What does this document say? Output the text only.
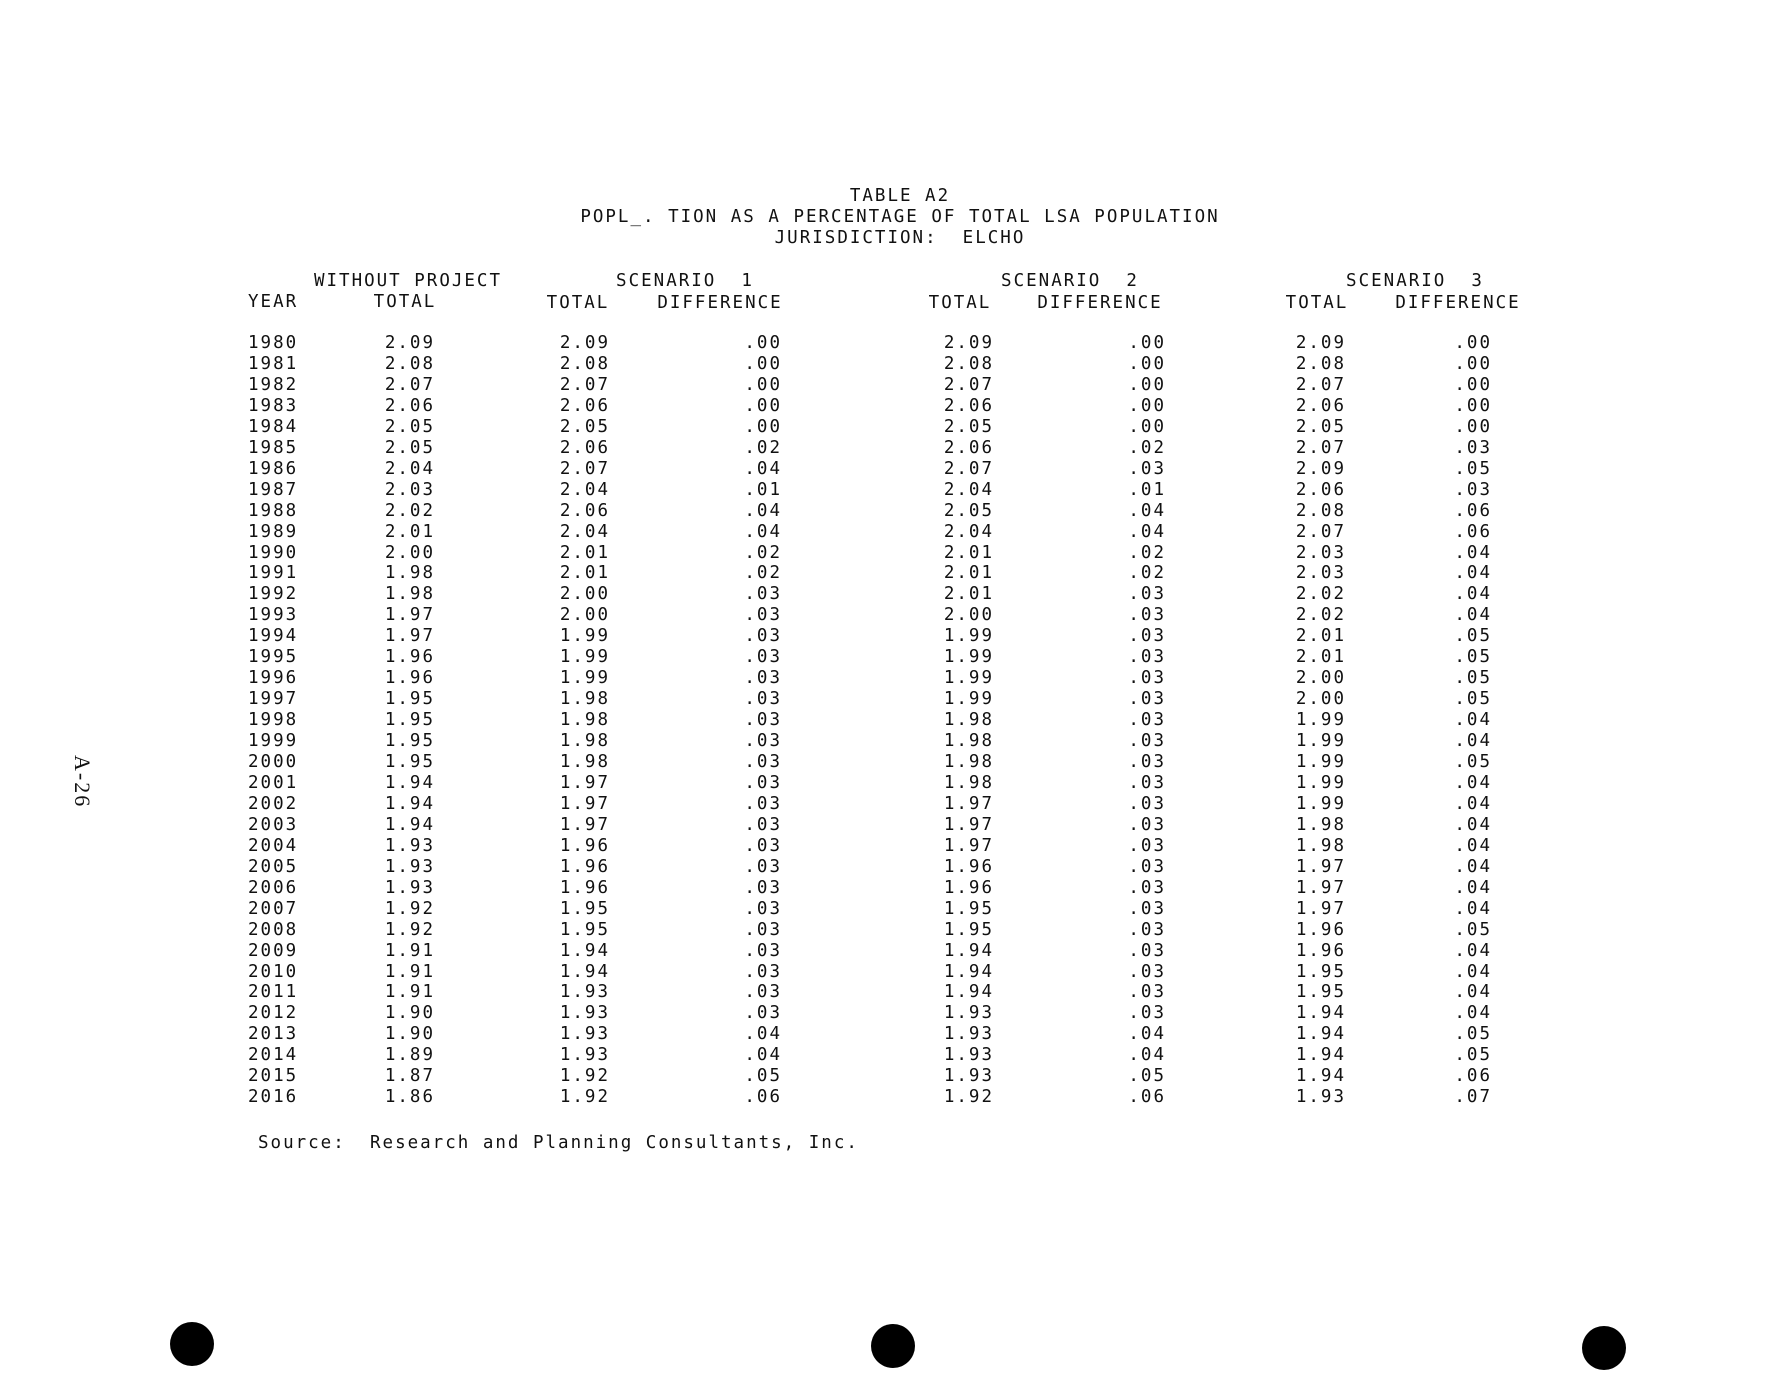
TABLE A2
POPL_. TION AS A PERCENTAGE OF TOTAL LSA POPULATION
JURISDICTION:  ELCHO
WITHOUT PROJECT	SCENARIO  1	SCENARIO  2	SCENARIO  3
YEAR	TOTAL	TOTAL	DIFFERENCE	TOTAL	DIFFERENCE	TOTAL	DIFFERENCE
1980	2.09	2.09	.00	2.09	.00	2.09	.00
1981	2.08	2.08	.00	2.08	.00	2.08	.00
1982	2.07	2.07	.00	2.07	.00	2.07	.00
1983	2.06	2.06	.00	2.06	.00	2.06	.00
1984	2.05	2.05	.00	2.05	.00	2.05	.00
1985	2.05	2.06	.02	2.06	.02	2.07	.03
1986	2.04	2.07	.04	2.07	.03	2.09	.05
1987	2.03	2.04	.01	2.04	.01	2.06	.03
1988	2.02	2.06	.04	2.05	.04	2.08	.06
1989	2.01	2.04	.04	2.04	.04	2.07	.06
1990	2.00	2.01	.02	2.01	.02	2.03	.04
1991	1.98	2.01	.02	2.01	.02	2.03	.04
1992	1.98	2.00	.03	2.01	.03	2.02	.04
1993	1.97	2.00	.03	2.00	.03	2.02	.04
1994	1.97	1.99	.03	1.99	.03	2.01	.05
1995	1.96	1.99	.03	1.99	.03	2.01	.05
1996	1.96	1.99	.03	1.99	.03	2.00	.05
1997	1.95	1.98	.03	1.99	.03	2.00	.05
1998	1.95	1.98	.03	1.98	.03	1.99	.04
1999	1.95	1.98	.03	1.98	.03	1.99	.04
2000	1.95	1.98	.03	1.98	.03	1.99	.05
2001	1.94	1.97	.03	1.98	.03	1.99	.04
2002	1.94	1.97	.03	1.97	.03	1.99	.04
2003	1.94	1.97	.03	1.97	.03	1.98	.04
2004	1.93	1.96	.03	1.97	.03	1.98	.04
2005	1.93	1.96	.03	1.96	.03	1.97	.04
2006	1.93	1.96	.03	1.96	.03	1.97	.04
2007	1.92	1.95	.03	1.95	.03	1.97	.04
2008	1.92	1.95	.03	1.95	.03	1.96	.05
2009	1.91	1.94	.03	1.94	.03	1.96	.04
2010	1.91	1.94	.03	1.94	.03	1.95	.04
2011	1.91	1.93	.03	1.94	.03	1.95	.04
2012	1.90	1.93	.03	1.93	.03	1.94	.04
2013	1.90	1.93	.04	1.93	.04	1.94	.05
2014	1.89	1.93	.04	1.93	.04	1.94	.05
2015	1.87	1.92	.05	1.93	.05	1.94	.06
2016	1.86	1.92	.06	1.92	.06	1.93	.07
Source: Research and Planning Consultants, Inc.
A-26
